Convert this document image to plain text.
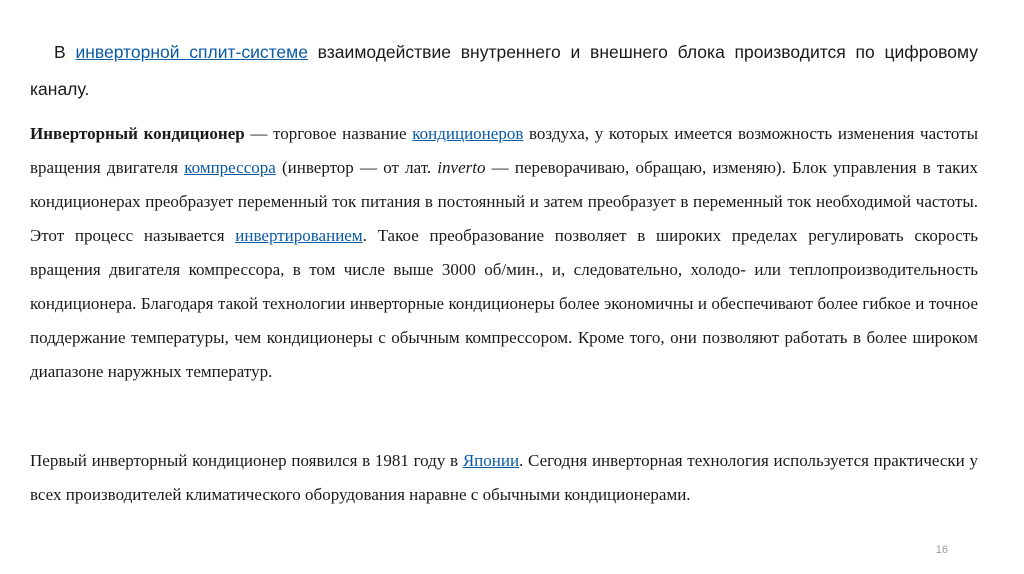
В инверторной сплит-системе взаимодействие внутреннего и внешнего блока производится по цифровому каналу.
Инверторный кондиционер — торговое название кондиционеров воздуха, у которых имеется возможность изменения частоты вращения двигателя компрессора (инвертор — от лат. inverto — переворачиваю, обращаю, изменяю). Блок управления в таких кондиционерах преобразует переменный ток питания в постоянный и затем преобразует в переменный ток необходимой частоты. Этот процесс называется инвертированием. Такое преобразование позволяет в широких пределах регулировать скорость вращения двигателя компрессора, в том числе выше 3000 об/мин., и, следовательно, холодо- или теплопроизводительность кондиционера. Благодаря такой технологии инверторные кондиционеры более экономичны и обеспечивают более гибкое и точное поддержание температуры, чем кондиционеры с обычным компрессором. Кроме того, они позволяют работать в более широком диапазоне наружных температур.
Первый инверторный кондиционер появился в 1981 году в Японии. Сегодня инверторная технология используется практически у всех производителей климатического оборудования наравне с обычными кондиционерами.
16
